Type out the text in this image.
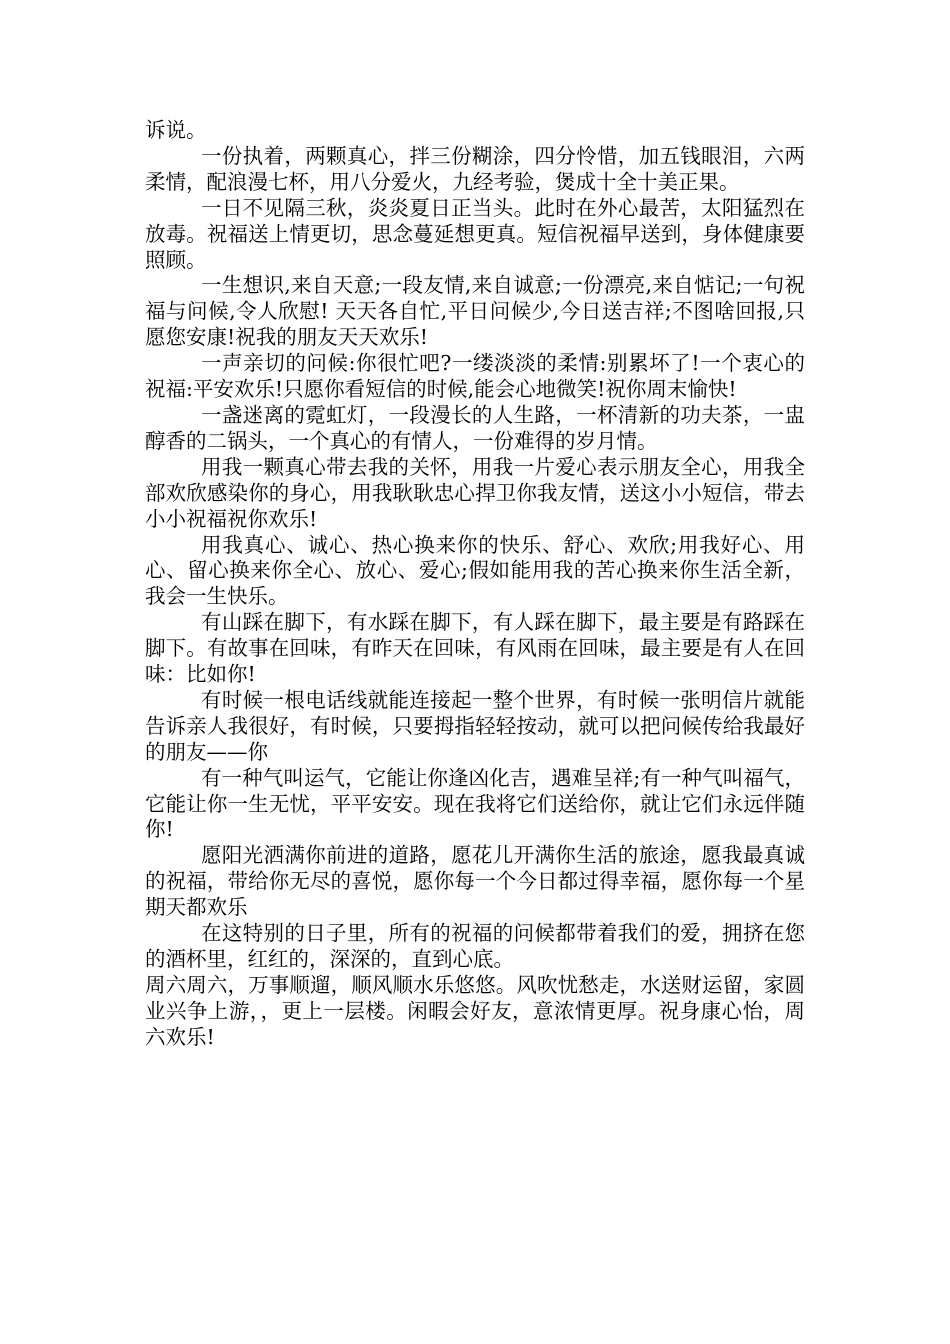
诉说。

一份执着，两颗真心，拌三份糊涂，四分怜惜，加五钱眼泪，六两柔情，配浪漫七杯，用八分爱火，九经考验，煲成十全十美正果。

一日不见隔三秋，炎炎夏日正当头。此时在外心最苦，太阳猛烈在放毒。祝福送上情更切，思念蔓延想更真。短信祝福早送到，身体健康要照顾。

一生想识,来自天意;一段友情,来自诚意;一份漂亮,来自惦记;一句祝福与问候,令人欣慰! 天天各自忙,平日问候少,今日送吉祥;不图啥回报,只愿您安康!祝我的朋友天天欢乐!

一声亲切的问候:你很忙吧?一缕淡淡的柔情:别累坏了!一个衷心的祝福:平安欢乐!只愿你看短信的时候,能会心地微笑!祝你周末愉快!

一盏迷离的霓虹灯，一段漫长的人生路，一杯清新的功夫茶，一盅醇香的二锅头，一个真心的有情人，一份难得的岁月情。

用我一颗真心带去我的关怀，用我一片爱心表示朋友全心，用我全部欢欣感染你的身心，用我耿耿忠心捍卫你我友情，送这小小短信，带去小小祝福祝你欢乐!

用我真心、诚心、热心换来你的快乐、舒心、欢欣;用我好心、用心、留心换来你全心、放心、爱心;假如能用我的苦心换来你生活全新，我会一生快乐。

有山踩在脚下，有水踩在脚下，有人踩在脚下，最主要是有路踩在脚下。有故事在回味，有昨天在回味，有风雨在回味，最主要是有人在回味：比如你!

有时候一根电话线就能连接起一整个世界，有时候一张明信片就能告诉亲人我很好，有时候，只要拇指轻轻按动，就可以把问候传给我最好的朋友——你

有一种气叫运气，它能让你逢凶化吉，遇难呈祥;有一种气叫福气，它能让你一生无忧，平平安安。现在我将它们送给你，就让它们永远伴随你!

愿阳光洒满你前进的道路，愿花儿开满你生活的旅途，愿我最真诚的祝福，带给你无尽的喜悦，愿你每一个今日都过得幸福，愿你每一个星期天都欢乐

在这特别的日子里，所有的祝福的问候都带着我们的爱，拥挤在您的酒杯里，红红的，深深的，直到心底。

周六周六，万事顺遛，顺风顺水乐悠悠。风吹忧愁走，水送财运留，家圆业兴争上游，，更上一层楼。闲暇会好友，意浓情更厚。祝身康心怡，周六欢乐!
